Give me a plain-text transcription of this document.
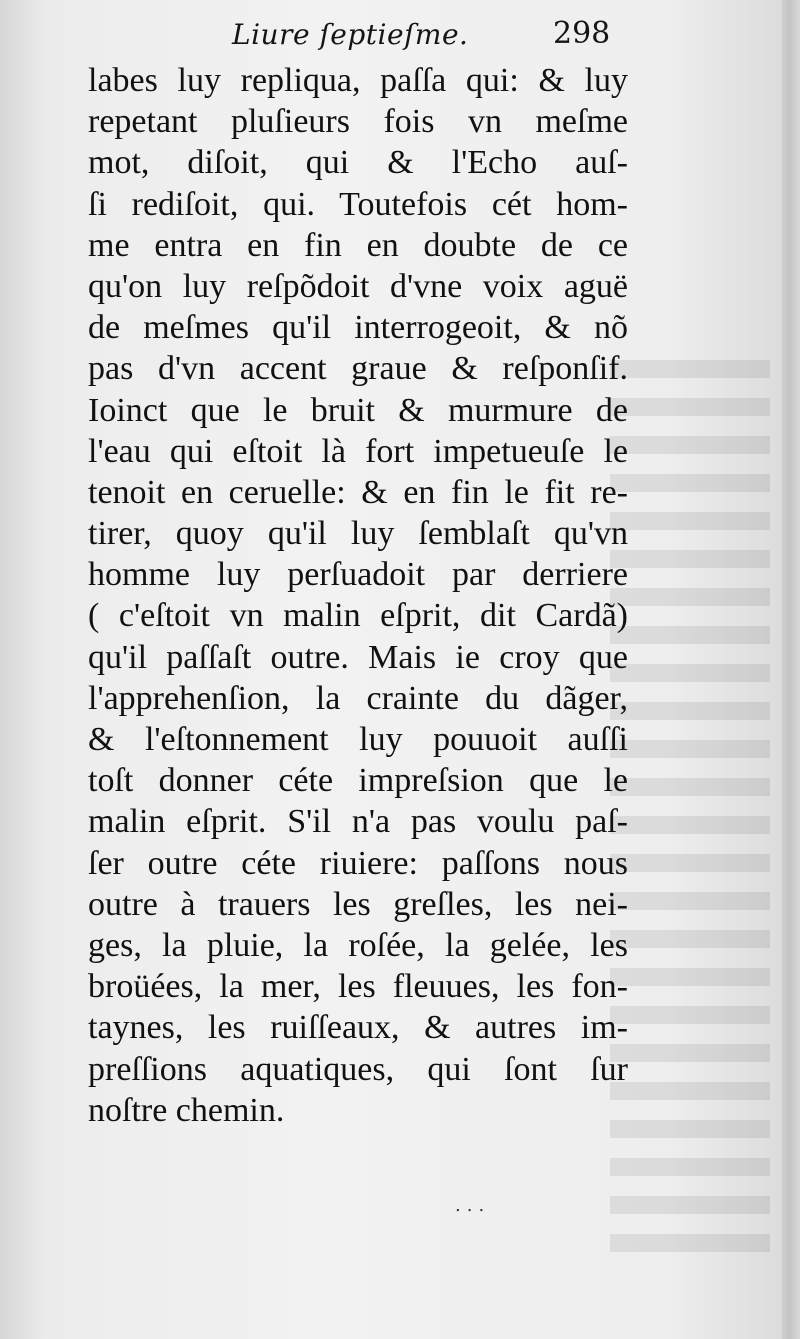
Liure ſeptieſme.	298
labes luy repliqua, paſſa qui: & luy
repetant pluſieurs fois vn meſme
mot, diſoit, qui & l'Echo auſ-
ſi rediſoit, qui. Toutefois cét hom-
me entra en fin en doubte de ce
qu'on luy reſpõdoit d'vne voix aguë
de meſmes qu'il interrogeoit, & nõ
pas d'vn accent graue & reſponſif.
Ioinct que le bruit & murmure de
l'eau qui eſtoit là fort impetueuſe le
tenoit en ceruelle: & en fin le fit re-
tirer, quoy qu'il luy ſemblaſt qu'vn
homme luy perſuadoit par derriere
( c'eſtoit vn malin eſprit, dit Cardã)
qu'il paſſaſt outre. Mais ie croy que
l'apprehenſion, la crainte du dãger,
& l'eſtonnement luy pouuoit auſſi
toſt donner céte impreſsion que le
malin eſprit. S'il n'a pas voulu paſ-
ſer outre céte riuiere: paſſons nous
outre à trauers les greſles, les nei-
ges, la pluie, la roſée, la gelée, les
broüées, la mer, les fleuues, les fon-
taynes, les ruiſſeaux, & autres im-
preſſions aquatiques, qui ſont ſur
noſtre chemin.
...
